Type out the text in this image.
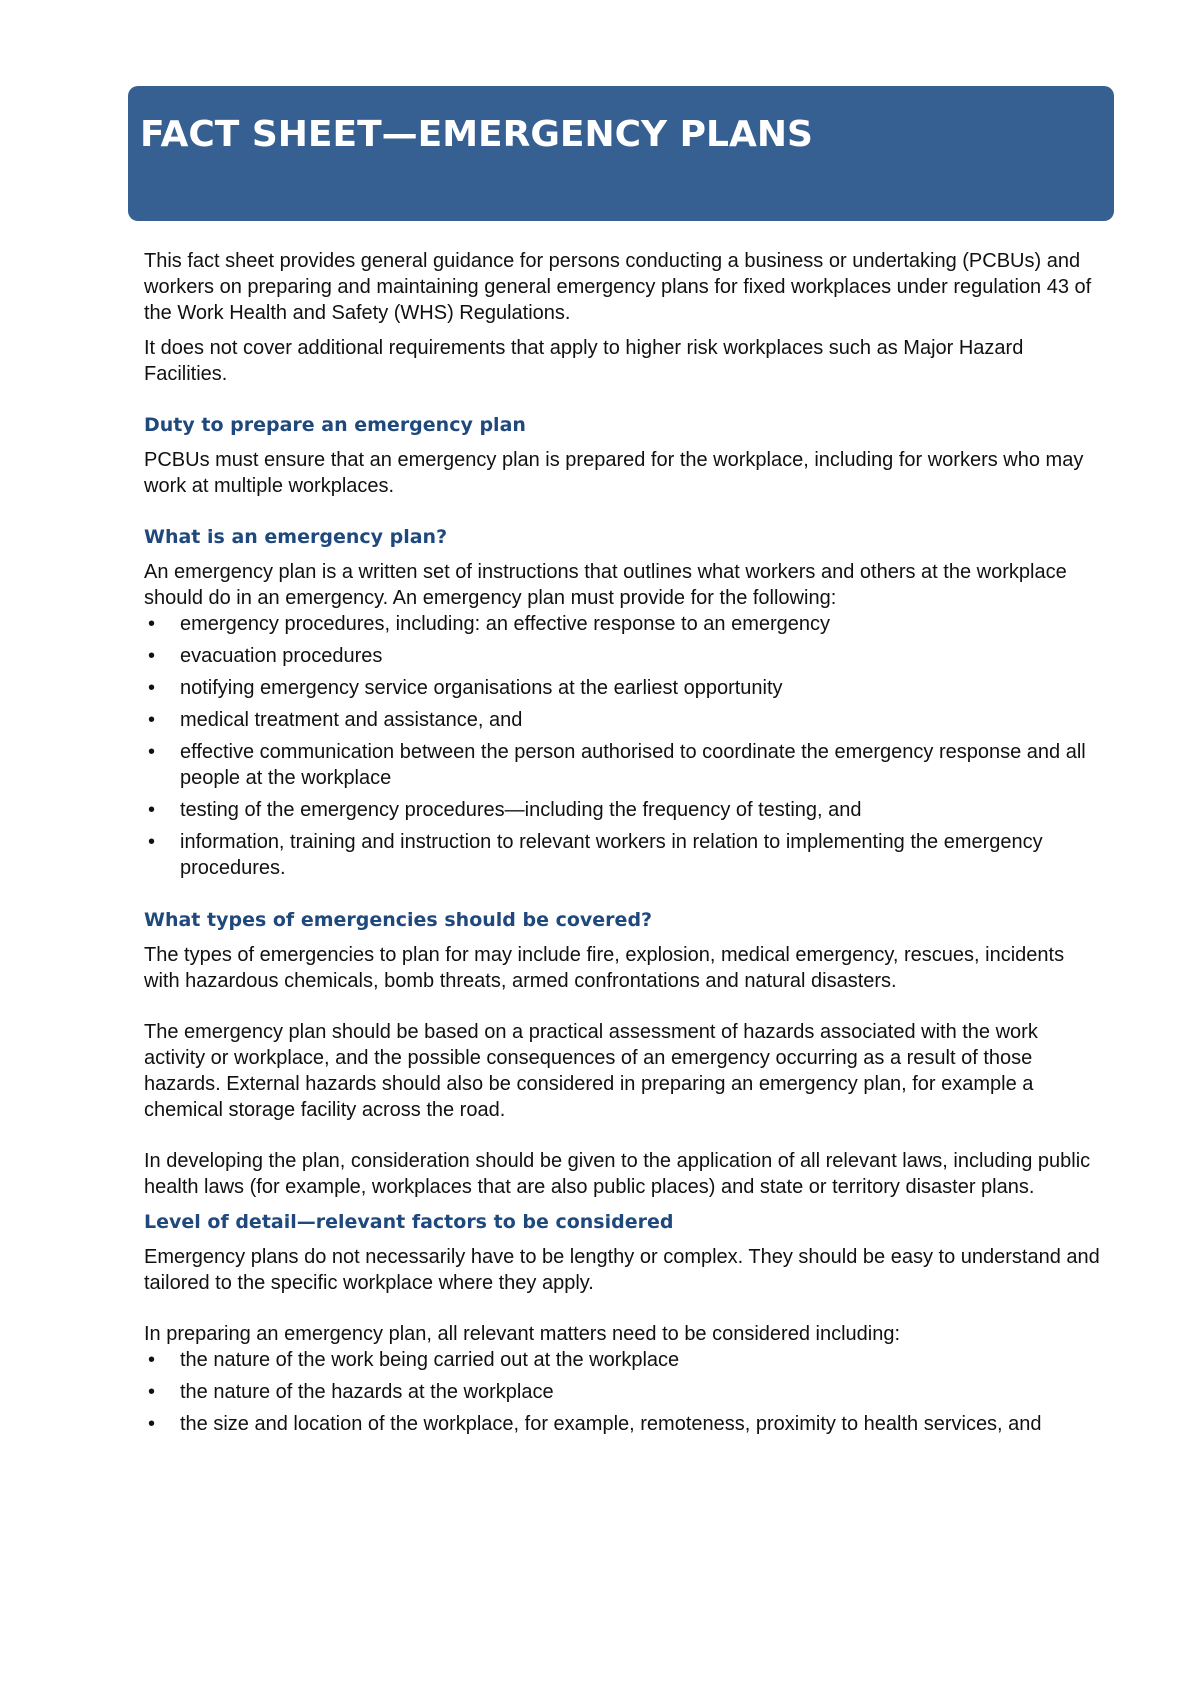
FACT SHEET—EMERGENCY PLANS

This fact sheet provides general guidance for persons conducting a business or undertaking (PCBUs) and workers on preparing and maintaining general emergency plans for fixed workplaces under regulation 43 of the Work Health and Safety (WHS) Regulations.

It does not cover additional requirements that apply to higher risk workplaces such as Major Hazard Facilities.

Duty to prepare an emergency plan

PCBUs must ensure that an emergency plan is prepared for the workplace, including for workers who may work at multiple workplaces.

What is an emergency plan?

An emergency plan is a written set of instructions that outlines what workers and others at the workplace should do in an emergency. An emergency plan must provide for the following:

• emergency procedures, including: an effective response to an emergency
• evacuation procedures
• notifying emergency service organisations at the earliest opportunity
• medical treatment and assistance, and
• effective communication between the person authorised to coordinate the emergency response and all people at the workplace
• testing of the emergency procedures—including the frequency of testing, and
• information, training and instruction to relevant workers in relation to implementing the emergency procedures.
What types of emergencies should be covered?

The types of emergencies to plan for may include fire, explosion, medical emergency, rescues, incidents with hazardous chemicals, bomb threats, armed confrontations and natural disasters.

The emergency plan should be based on a practical assessment of hazards associated with the work activity or workplace, and the possible consequences of an emergency occurring as a result of those hazards. External hazards should also be considered in preparing an emergency plan, for example a chemical storage facility across the road.

In developing the plan, consideration should be given to the application of all relevant laws, including public health laws (for example, workplaces that are also public places) and state or territory disaster plans.

Level of detail—relevant factors to be considered

Emergency plans do not necessarily have to be lengthy or complex. They should be easy to understand and tailored to the specific workplace where they apply.

In preparing an emergency plan, all relevant matters need to be considered including:

• the nature of the work being carried out at the workplace
• the nature of the hazards at the workplace
• the size and location of the workplace, for example, remoteness, proximity to health services, and
